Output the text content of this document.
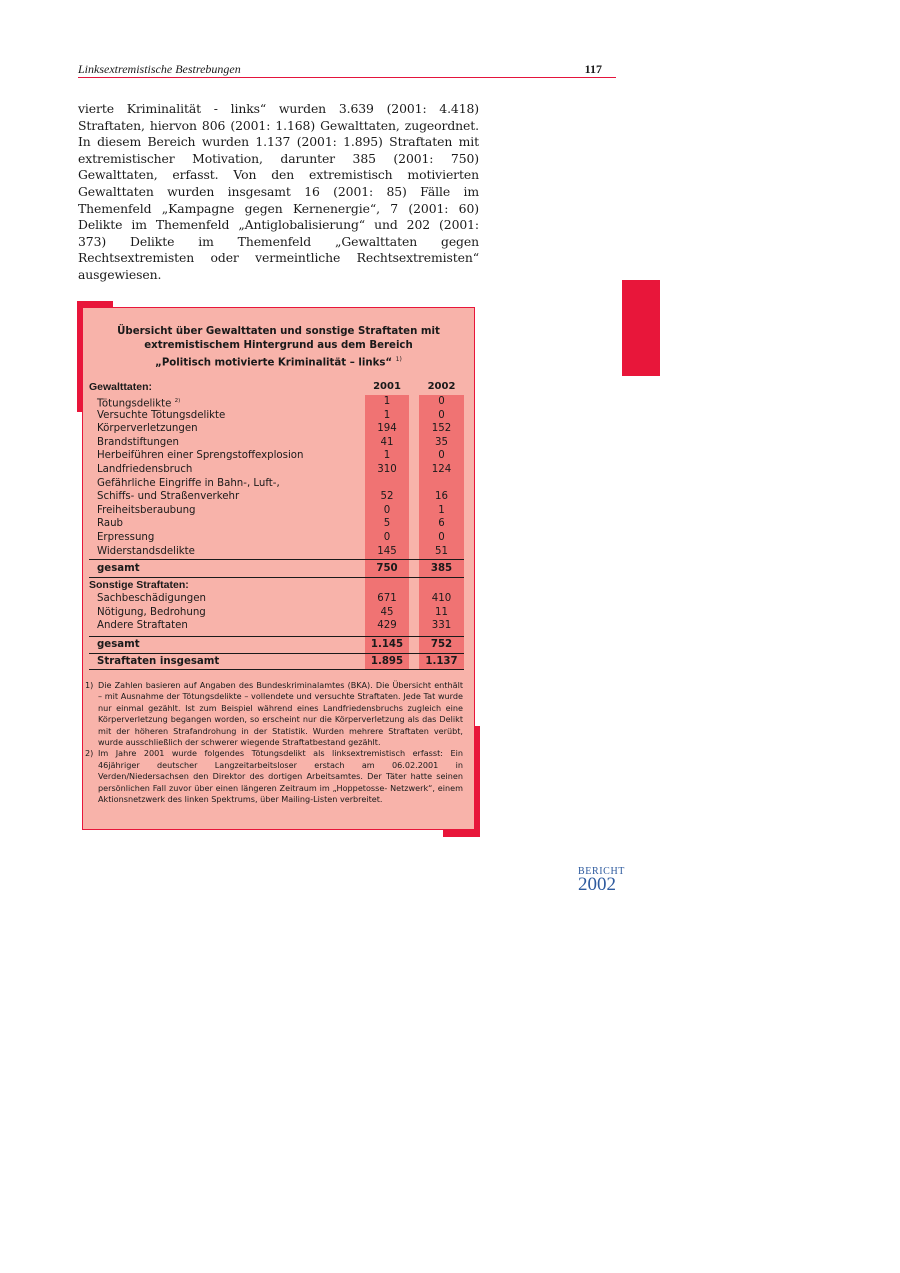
Linksextremistische Bestrebungen	117

vierte Kriminalität - links“ wurden 3.639 (2001: 4.418) Straftaten, hiervon 806 (2001: 1.168) Gewalttaten, zugeordnet. In diesem Bereich wurden 1.137 (2001: 1.895) Straftaten mit extremistischer Motivation, darunter 385 (2001: 750) Gewalttaten, erfasst. Von den extremistisch motivierten Gewalttaten wurden insgesamt 16 (2001: 85) Fälle im Themenfeld „Kampagne gegen Kernenergie“, 7 (2001: 60) Delikte im Themenfeld „Antiglobalisierung“ und 202 (2001: 373) Delikte im Themenfeld „Gewalttaten gegen Rechtsextremisten oder vermeintliche Rechtsextremisten“ ausgewiesen.

Übersicht über Gewalttaten und sonstige Straftaten mit
extremistischem Hintergrund aus dem Bereich
„Politisch motivierte Kriminalität – links“ $^{1)}$
Gewalttaten:	2001	2002
Tötungsdelikte $^{2)}$	1	0
Versuchte Tötungsdelikte	1	0
Körperverletzungen	194	152
Brandstiftungen	41	35
Herbeiführen einer Sprengstoffexplosion	1	0
Landfriedensbruch	310	124
Gefährliche Eingriffe in Bahn-, Luft-,
Schiffs- und Straßenverkehr	52	16
Freiheitsberaubung	0	1
Raub	5	6
Erpressung	0	0
Widerstandsdelikte	145	51
gesamt	750	385
Sonstige Straftaten:
Sachbeschädigungen	671	410
Nötigung, Bedrohung	45	11
Andere Straftaten	429	331
gesamt	1.145	752
Straftaten insgesamt	1.895	1.137
1) Die Zahlen basieren auf Angaben des Bundeskriminalamtes (BKA). Die Übersicht enthält – mit Ausnahme der Tötungsdelikte – vollendete und versuchte Straftaten. Jede Tat wurde nur einmal gezählt. Ist zum Beispiel während eines Landfriedensbruchs zugleich eine Körperverletzung begangen worden, so erscheint nur die Körperverletzung als das Delikt mit der höheren Strafandrohung in der Statistik. Wurden mehrere Straftaten verübt, wurde ausschließlich der schwerer wiegende Straftatbestand gezählt.
2) Im Jahre 2001 wurde folgendes Tötungsdelikt als linksextremistisch erfasst: Ein 46jähriger deutscher Langzeitarbeitsloser erstach am 06.02.2001 in Verden/Niedersachsen den Direktor des dortigen Arbeitsamtes. Der Täter hatte seinen persönlichen Fall zuvor über einen längeren Zeitraum im „Hoppetosse- Netzwerk“, einem Aktionsnetzwerk des linken Spektrums, über Mailing-Listen verbreitet.
BERICHT
2002
